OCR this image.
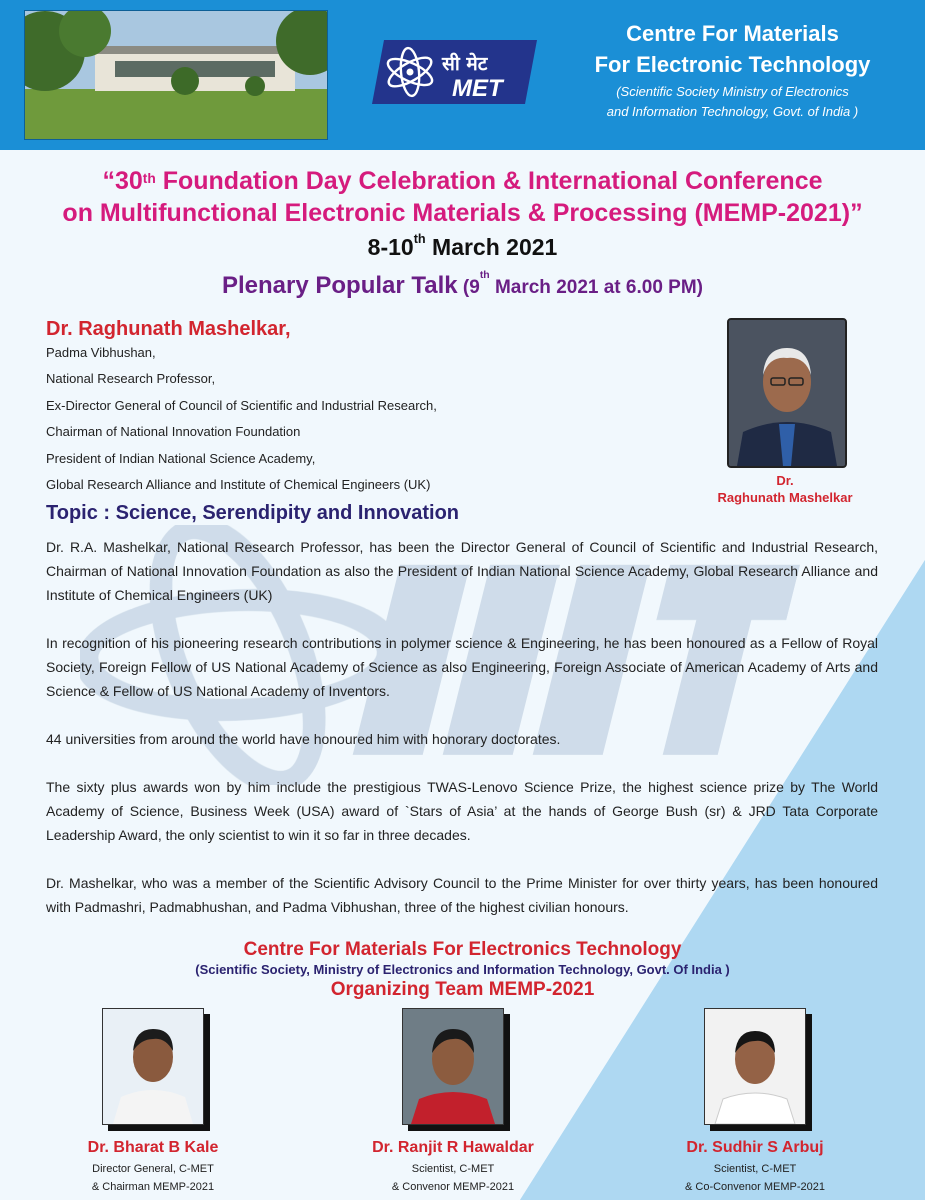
सी मेट
MET
Centre For Materials
For Electronic Technology
(Scientific Society Ministry of Electronics
and Information Technology, Govt. of India )
“30th Foundation Day Celebration & International Conference
on Multifunctional Electronic Materials & Processing (MEMP-2021)”
8-10th March 2021
Plenary Popular Talk (9th March 2021 at 6.00 PM)
Dr. Raghunath Mashelkar,
Padma Vibhushan,
National Research Professor,
Ex-Director General of Council of Scientific and Industrial Research,
Chairman of National Innovation Foundation
President of Indian National Science Academy,
Global Research Alliance and Institute of Chemical Engineers (UK)
Topic : Science, Serendipity and Innovation
Dr.
Raghunath Mashelkar

Dr. R.A. Mashelkar, National Research Professor, has been the Director General of Council of Scientific and Industrial Research, Chairman of National Innovation Foundation as also the President of Indian National Science Academy, Global Research Alliance and Institute of Chemical Engineers (UK)

In recognition of his pioneering research contributions in polymer science & Engineering, he has been honoured as a Fellow of Royal Society, Foreign Fellow of US National Academy of Science as also Engineering, Foreign Associate of American Academy of Arts and Science & Fellow of US National Academy of Inventors.

44 universities from around the world have honoured him with honorary doctorates.

The sixty plus awards won by him include the prestigious TWAS-Lenovo Science Prize, the highest science prize by The World Academy of Science, Business Week (USA) award of `Stars of Asia’ at the hands of George Bush (sr) & JRD Tata Corporate Leadership Award, the only scientist to win it so far in three decades.

Dr. Mashelkar, who was a member of the Scientific Advisory Council to the Prime Minister for over thirty years, has been honoured with Padmashri, Padmabhushan, and Padma Vibhushan, three of the highest civilian honours.

Centre For Materials For Electronics Technology
(Scientific Society, Ministry of Electronics and Information Technology, Govt. Of India )
Organizing Team MEMP-2021
Dr. Bharat B Kale
Director General, C-MET
& Chairman MEMP-2021
Dr. Ranjit R Hawaldar
Scientist, C-MET
& Convenor MEMP-2021
Dr. Sudhir S Arbuj
Scientist, C-MET
& Co-Convenor MEMP-2021
